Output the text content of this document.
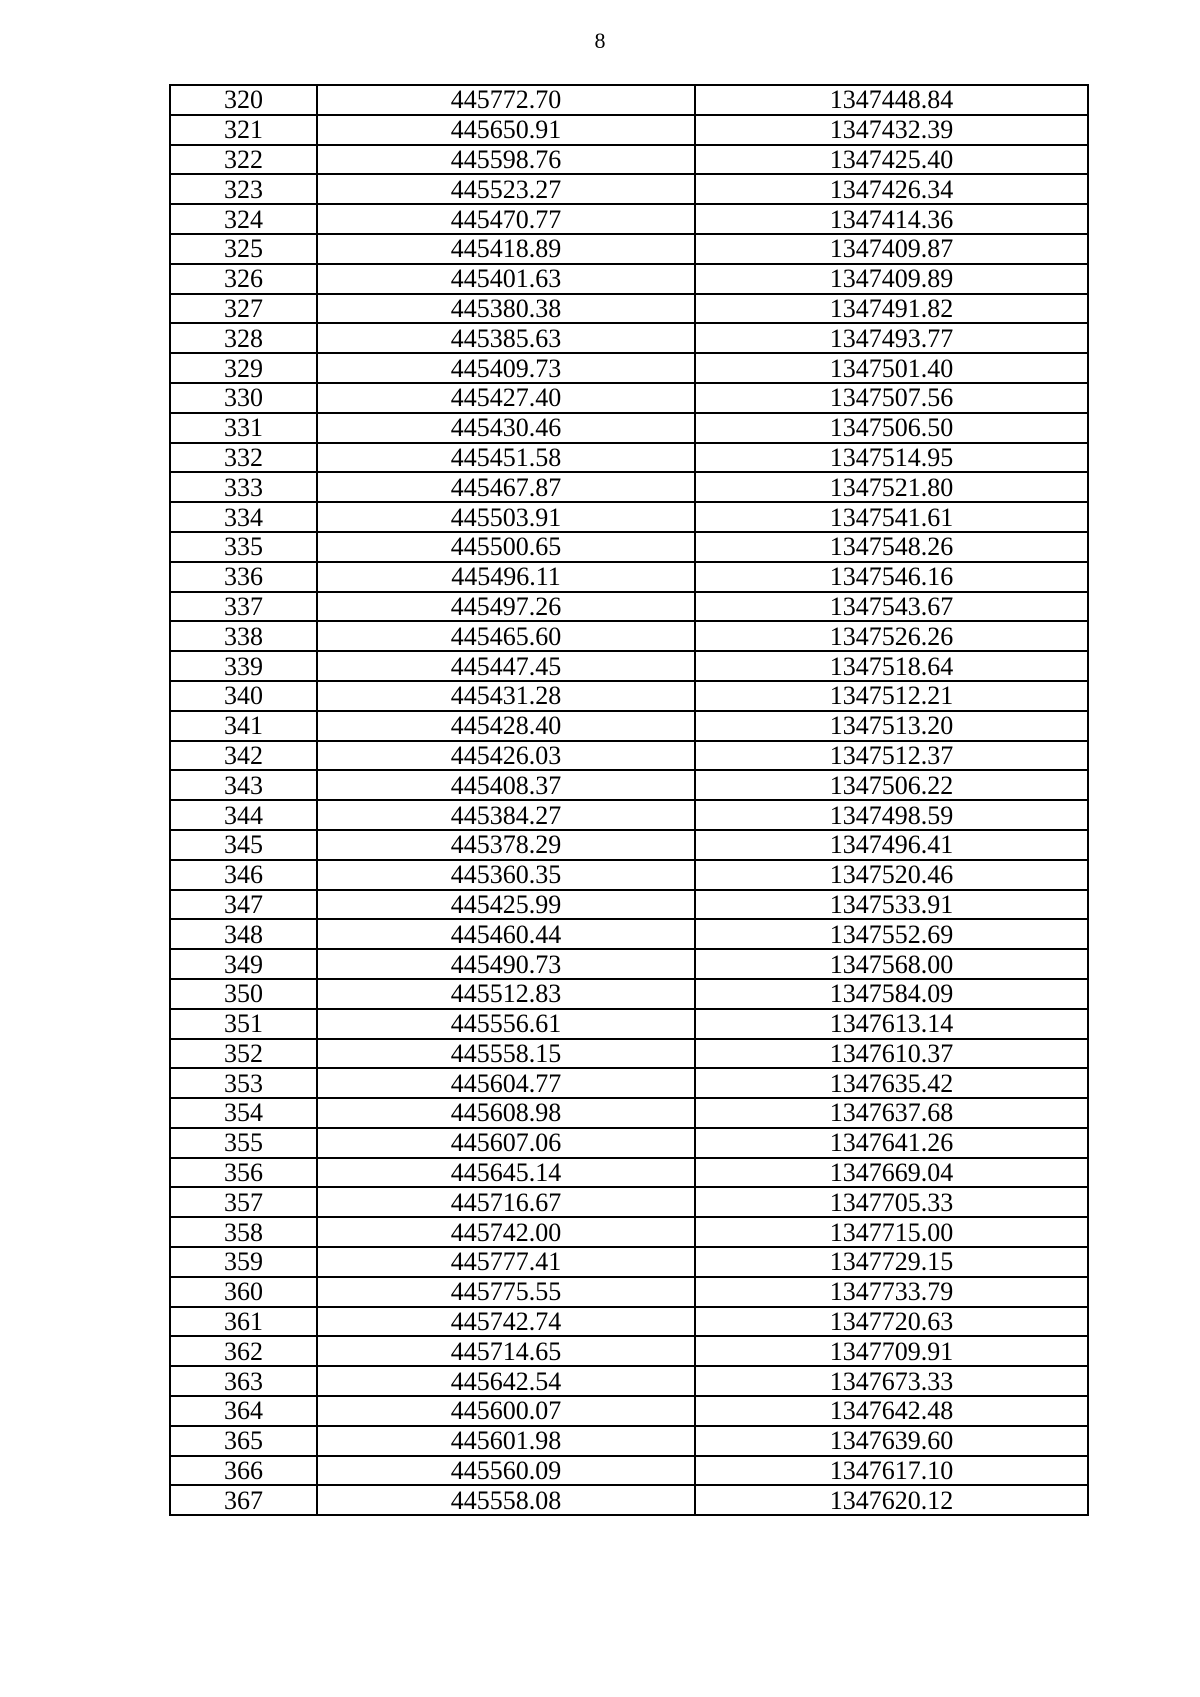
8
320	445772.70	1347448.84
321	445650.91	1347432.39
322	445598.76	1347425.40
323	445523.27	1347426.34
324	445470.77	1347414.36
325	445418.89	1347409.87
326	445401.63	1347409.89
327	445380.38	1347491.82
328	445385.63	1347493.77
329	445409.73	1347501.40
330	445427.40	1347507.56
331	445430.46	1347506.50
332	445451.58	1347514.95
333	445467.87	1347521.80
334	445503.91	1347541.61
335	445500.65	1347548.26
336	445496.11	1347546.16
337	445497.26	1347543.67
338	445465.60	1347526.26
339	445447.45	1347518.64
340	445431.28	1347512.21
341	445428.40	1347513.20
342	445426.03	1347512.37
343	445408.37	1347506.22
344	445384.27	1347498.59
345	445378.29	1347496.41
346	445360.35	1347520.46
347	445425.99	1347533.91
348	445460.44	1347552.69
349	445490.73	1347568.00
350	445512.83	1347584.09
351	445556.61	1347613.14
352	445558.15	1347610.37
353	445604.77	1347635.42
354	445608.98	1347637.68
355	445607.06	1347641.26
356	445645.14	1347669.04
357	445716.67	1347705.33
358	445742.00	1347715.00
359	445777.41	1347729.15
360	445775.55	1347733.79
361	445742.74	1347720.63
362	445714.65	1347709.91
363	445642.54	1347673.33
364	445600.07	1347642.48
365	445601.98	1347639.60
366	445560.09	1347617.10
367	445558.08	1347620.12
